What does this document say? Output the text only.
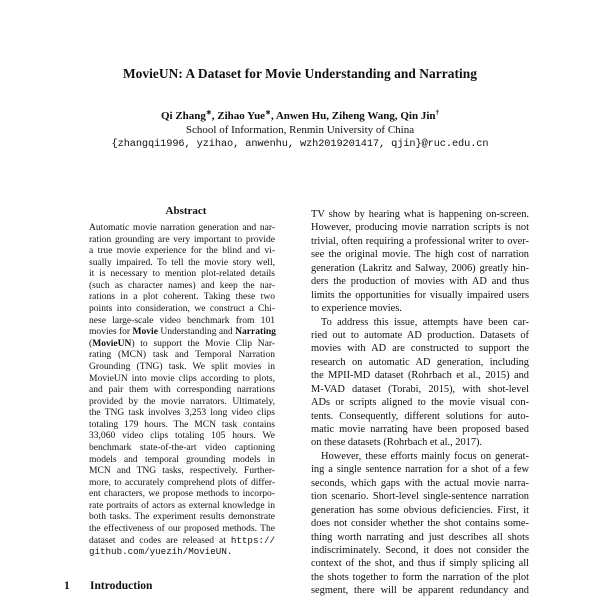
MovieUN: A Dataset for Movie Understanding and Narrating
Qi Zhang∗, Zihao Yue∗, Anwen Hu, Ziheng Wang, Qin Jin†
School of Information, Renmin University of China
{zhangqi1996, yzihao, anwenhu, wzh2019201417, qjin}@ruc.edu.cn
Abstract
Automatic movie narration generation and nar-
ration grounding are very important to provide
a true movie experience for the blind and vi-
sually impaired. To tell the movie story well,
it is necessary to mention plot-related details
(such as character names) and keep the nar-
rations in a plot coherent. Taking these two
points into consideration, we construct a Chi-
nese large-scale video benchmark from 101
movies for Movie Understanding and Narrating
(MovieUN) to support the Movie Clip Nar-
rating (MCN) task and Temporal Narration
Grounding (TNG) task. We split movies in
MovieUN into movie clips according to plots,
and pair them with corresponding narrations
provided by the movie narrators. Ultimately,
the TNG task involves 3,253 long video clips
totaling 179 hours. The MCN task contains
33,060 video clips totaling 105 hours. We
benchmark state-of-the-art video captioning
models and temporal grounding models in
MCN and TNG tasks, respectively. Further-
more, to accurately comprehend plots of differ-
ent characters, we propose methods to incorpo-
rate portraits of actors as external knowledge in
both tasks. The experiment results demonstrate
the effectiveness of our proposed methods. The
dataset and codes are released at https://
github.com/yuezih/MovieUN.
1 Introduction
TV show by hearing what is happening on-screen.
However, producing movie narration scripts is not
trivial, often requiring a professional writer to over-
see the original movie. The high cost of narration
generation (Lakritz and Salway, 2006) greatly hin-
ders the production of movies with AD and thus
limits the opportunities for visually impaired users
to experience movies.
To address this issue, attempts have been car-
ried out to automate AD production. Datasets of
movies with AD are constructed to support the
research on automatic AD generation, including
the MPII-MD dataset (Rohrbach et al., 2015) and
M-VAD dataset (Torabi, 2015), with shot-level
ADs or scripts aligned to the movie visual con-
tents. Consequently, different solutions for auto-
matic movie narrating have been proposed based
on these datasets (Rohrbach et al., 2017).
However, these efforts mainly focus on generat-
ing a single sentence narration for a shot of a few
seconds, which gaps with the actual movie narra-
tion scenario. Short-level single-sentence narration
generation has some obvious deficiencies. First, it
does not consider whether the shot contains some-
thing worth narrating and just describes all shots
indiscriminately. Second, it does not consider the
context of the shot, and thus if simply splicing all
the shots together to form the narration of the plot
segment, there will be apparent redundancy and
